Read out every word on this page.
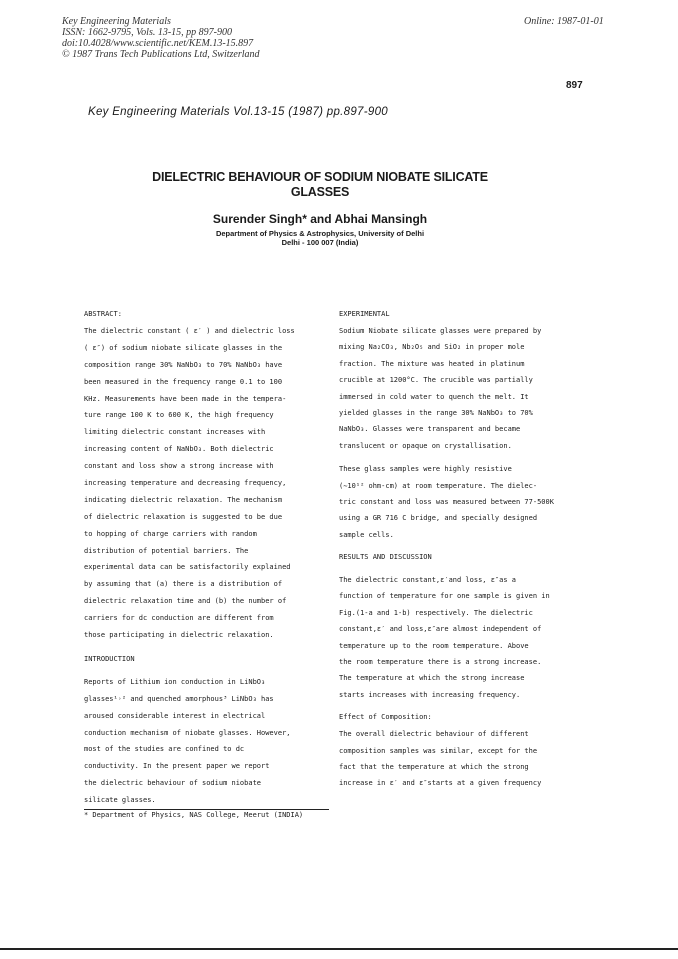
Key Engineering Materials
ISSN: 1662-9795, Vols. 13-15, pp 897-900
doi:10.4028/www.scientific.net/KEM.13-15.897
© 1987 Trans Tech Publications Ltd, Switzerland
Online: 1987-01-01
897
Key Engineering Materials Vol.13-15 (1987) pp.897-900
DIELECTRIC BEHAVIOUR OF SODIUM NIOBATE SILICATE
GLASSES
Surender Singh* and Abhai Mansingh
Department of Physics & Astrophysics, University of Delhi
Delhi - 100 007 (India)
ABSTRACT:
The dielectric constant ( ε′ ) and dielectric loss
( ε″) of sodium niobate silicate glasses in the
composition range 30% NaNbO₃ to 70% NaNbO₃ have
been measured in the frequency range 0.1 to 100
KHz. Measurements have been made in the tempera-
ture range 100 K to 600 K, the high frequency
limiting dielectric constant increases with
increasing content of NaNbO₃. Both dielectric
constant and loss show a strong increase with
increasing temperature and decreasing frequency,
indicating dielectric relaxation. The mechanism
of dielectric relaxation is suggested to be due
to hopping of charge carriers with random
distribution of potential barriers. The
experimental data can be satisfactorily explained
by assuming that (a) there is a distribution of
dielectric relaxation time and (b) the number of
carriers for dc conduction are different from
those participating in dielectric relaxation.
INTRODUCTION
Reports of Lithium ion conduction in LiNbO₃
glasses¹˒² and quenched amorphous³ LiNbO₃ has
aroused considerable interest in electrical
conduction mechanism of niobate glasses. However,
most of the studies are confined to dc
conductivity. In the present paper we report
the dielectric behaviour of sodium niobate
silicate glasses.
* Department of Physics, NAS College, Meerut (INDIA)
EXPERIMENTAL
Sodium Niobate silicate glasses were prepared by
mixing Na₂CO₃, Nb₂O₅ and SiO₂ in proper mole
fraction. The mixture was heated in platinum
crucible at 1200°C. The crucible was partially
immersed in cold water to quench the melt. It
yielded glasses in the range 30% NaNbO₃ to 70%
NaNbO₃. Glasses were transparent and became
translucent or opaque on crystallisation.
These glass samples were highly resistive
(∼10¹² ohm-cm) at room temperature. The dielec-
tric constant and loss was measured between 77-500K
using a GR 716 C bridge, and specially designed
sample cells.
RESULTS AND DISCUSSION
The dielectric constant,ε′and loss, ε″as a
function of temperature for one sample is given in
Fig.(1-a and 1-b) respectively. The dielectric
constant,ε′ and loss,ε″are almost independent of
temperature up to the room temperature. Above
the room temperature there is a strong increase.
The temperature at which the strong increase
starts increases with increasing frequency.
Effect of Composition:
The overall dielectric behaviour of different
composition samples was similar, except for the
fact that the temperature at which the strong
increase in ε′ and ε″starts at a given frequency
